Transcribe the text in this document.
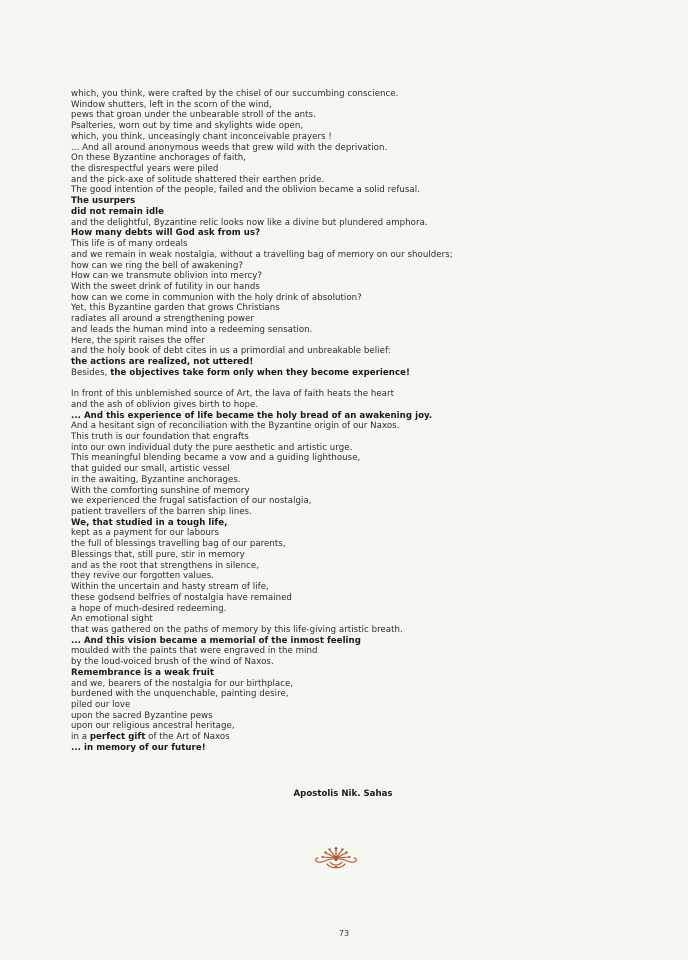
which, you think, were crafted by the chisel of our succumbing conscience.
Window shutters, left in the scorn of the wind,
pews that groan under the unbearable stroll of the ants.
Psalteries, worn out by time and skylights wide open,
which, you think, unceasingly chant inconceivable prayers !
... And all around anonymous weeds that grew wild with the deprivation.
On these Byzantine anchorages of faith,
the disrespectful years were piled
and the pick-axe of solitude shattered their earthen pride.
The good intention of the people, failed and the oblivion became a solid refusal.
The usurpers
did not remain idle
and the delightful, Byzantine relic looks now like a divine but plundered amphora.
How many debts will God ask from us?
This life is of many ordeals
and we remain in weak nostalgia, without a travelling bag of memory on our shoulders;
how can we ring the bell of awakening?
How can we transmute oblivion into mercy?
With the sweet drink of futility in our hands
how can we come in communion with the holy drink of absolution?
Yet, this Byzantine garden that grows Christians
radiates all around a strengthening power
and leads the human mind into a redeeming sensation.
Here, the spirit raises the offer
and the holy book of debt cites in us a primordial and unbreakable belief:
the actions are realized, not uttered!
Besides, the objectives take form only when they become experience!
In front of this unblemished source of Art, the lava of faith heats the heart
and the ash of oblivion gives birth to hope.
... And this experience of life became the holy bread of an awakening joy.
And a hesitant sign of reconciliation with the Byzantine origin of our Naxos.
This truth is our foundation that engrafts
into our own individual duty the pure aesthetic and artistic urge.
This meaningful blending became a vow and a guiding lighthouse,
that guided our small, artistic vessel
in the awaiting, Byzantine anchorages.
With the comforting sunshine of memory
we experienced the frugal satisfaction of our nostalgia,
patient travellers of the barren ship lines.
We, that studied in a tough life,
kept as a payment for our labours
the full of blessings travelling bag of our parents,
Blessings that, still pure, stir in memory
and as the root that strengthens in silence,
they revive our forgotten values.
Within the uncertain and hasty stream of life,
these godsend belfries of nostalgia have remained
a hope of much-desired redeeming.
An emotional sight
that was gathered on the paths of memory by this life-giving artistic breath.
... And this vision became a memorial of the inmost feeling
moulded with the paints that were engraved in the mind
by the loud-voiced brush of the wind of Naxos.
Remembrance is a weak fruit
and we, bearers of the nostalgia for our birthplace,
burdened with the unquenchable, painting desire,
piled our love
upon the sacred Byzantine pews
upon our religious ancestral heritage,
in a perfect gift of the Art of Naxos
... in memory of our future!
Apostolis Nik. Sahas
73
